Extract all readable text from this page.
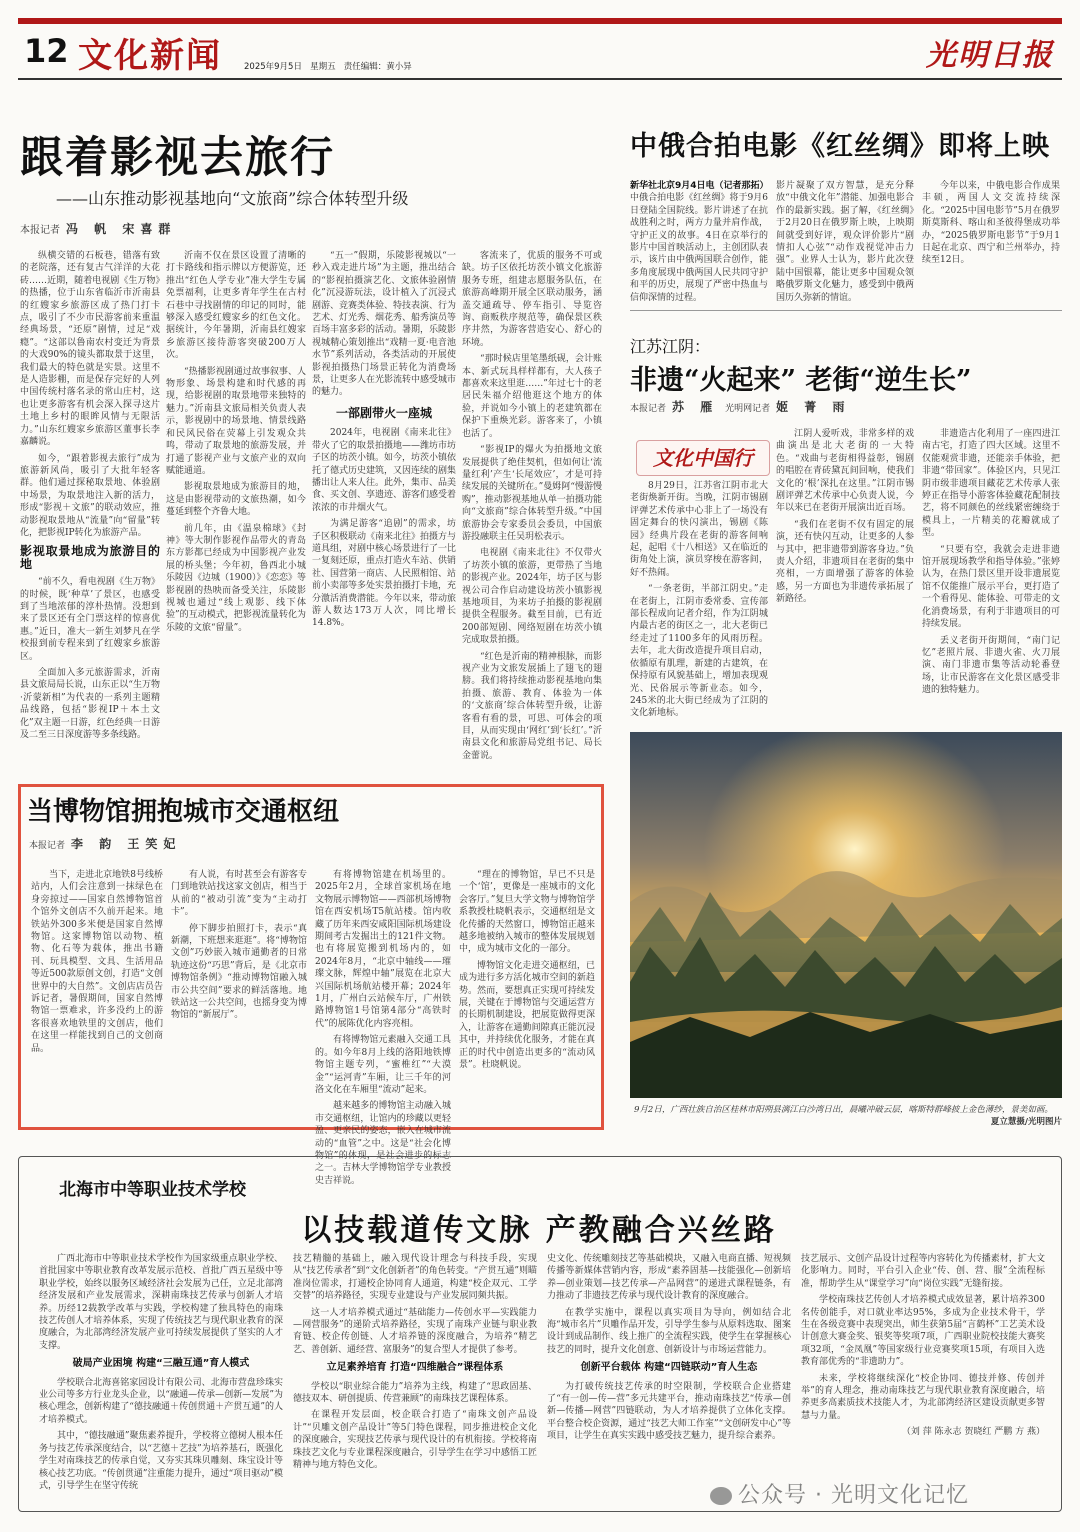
12 文化新闻	2025年9月5日 星期五 责任编辑：黄小异	光明日报
跟着影视去旅行
——山东推动影视基地向“文旅商”综合体转型升级
本报记者 冯 帆 宋喜群

纵横交错的石板巷，错落有致的老院落，还有复古气洋洋的大花砖……近期，随着电视剧《生万物》的热播，位于山东省临沂市沂南县的红嫂家乡旅游区成了热门打卡点，吸引了不少市民游客前来重温经典场景，“还原”剧情，过足“戏瘾”。“这部以鲁南农村变迁为背景的大戏90%的镜头都取景于这里，我们最大的特色就是实景。这里不是人造影棚，而是保存完好的人列中国传统村落名录的常山庄村，这也让更多游客有机会深入探寻这片土地上乡村的眼眸风情与无限活力。”山东红嫂家乡旅游区董事长李嘉麟说。

如今，“跟着影视去旅行”成为旅游新风尚，吸引了大批年轻客群。他们通过探秘取景地、体验剧中场景，为取景地注入新的活力，形成“影视＋文旅”的联动效应，推动影视取景地从“流量”向“留量”转化，把影视IP转化为旅游产品。

影视取景地成为旅游目的地

“前不久，看电视剧《生万物》的时候，既‘种草’了景区，也感受到了当地浓郁的淳朴热情。没想到来了景区还有全门票这样的惊喜优惠。”近日，准大一新生刘梦凡在学校报到前专程来到了红嫂家乡旅游区。

全面加入多元旅游需求，沂南县文旅局局长说，山东正以“生万物·沂蒙新相”为代表的一系列主题精品线路，包括“影视IP＋本土文化”双主题一日游，红色经典一日游及二至三日深度游等多条线路。

沂南不仅在景区设置了清晰的打卡路线和指示牌以方便游览，还推出“红色人学专业”准大学生专属免票福利，让更多青年学生在古村石巷中寻找剧情的印记的同时，能够深入感受红嫂家乡的红色文化。据统计，今年暑期，沂南县红嫂家乡旅游区接待游客突破200万人次。

“热播影视剧通过故事叙事、人物形象、场景构建和时代感的再现，给影视剧的取景地带来独特的魅力。”沂南县文旅局相关负责人表示，影视剧中的场景地、情景线路和民风民俗在荧幕上引发观众共鸣，带动了取景地的旅游发展，并打通了影视产业与文旅产业的双向赋能通道。

影视取景地成为旅游目的地，这是由影视带动的文旅热潮，如今蔓延到整个齐鲁大地。

前几年，由《温泉棉球》《封神》等大制作影视作品带火的青岛东方影都已经成为中国影视产业发展的桥头堡；今年初，鲁西北小城乐陵因《边城（1900）》《恋恋》等影视剧的热映而备受关注，乐陵影视城也通过“线上观影、线下体验”的互动模式，把影视流量转化为乐陵的文旅“留量”。

“五一”假期，乐陵影视城以“一秒入戏走进片场”为主题，推出结合的“影视拍摄演艺化、文旅体验剧情化”沉浸游玩法，设计植入了沉浸式剧游、竞赛类体验、特技表演、行为艺术、灯光秀、烟花秀、船秀演员等百场丰富多彩的活动。暑期，乐陵影视城精心策划推出“戏精一夏·电音池水节”系列活动，各类活动的开展使影视拍摄热门场景正转化为消费场景，让更多人在光影流转中感受城市的魅力。

一部剧带火一座城

2024年，电视剧《南来北往》带火了它的取景拍摄地——潍坊市坊子区的坊茨小镇。如今，坊茨小镇依托了德式历史建筑，又因连续的剧集播出让人来人往。此外，集市、品美食、买文创、享遗迹、游客们感受着浓浓的市井烟火气。

为满足游客“追剧”的需求，坊子区积极联动《南来北往》拍摄方与道具组，对剧中核心场景进行了一比一复刻还原，重点打造火车站、供销社、国营第一商店、人民照相馆、站前小卖部等多处实景拍摄打卡地，充分激活消费潜能。今年以来，带动旅游人数达173万人次，同比增长14.8%。

客流来了，优质的服务不可或缺。坊子区依托坊茨小镇文化旅游服务专班，组建志愿服务队伍，在旅游高峰期开展全区联动服务，涵盖交通疏导、停车指引、导览咨询、商贩秩序规范等，确保景区秩序井然，为游客营造安心、舒心的环境。

“那时候店里笔墨纸砚，会计账本、新式玩具样样都有，大人孩子都喜欢来这里逛……”年过七十的老居民朱福介绍他逛这个地方的体验，并说如今小镇上的老建筑都在保护下重焕光彩。游客来了，小镇也活了。

“影视IP的爆火为拍摄地文旅发展提供了绝佳契机，但如何让‘流量红利’产生‘长尾效应’，才是可持续发展的关键所在。”曼姆阿“慢游慢购”，推动影视基地从单一拍摄功能向“文旅商”综合体转型升级。”中国旅游协会专家委员会委员，中国旅游投融联主任吴玥松表示。

电视剧《南来北往》不仅带火了坊茨小镇的旅游，更带热了当地的影视产业。2024年，坊子区与影视公司合作启动建设坊茨小镇影视基地项目，为来坊子拍摄的影视剧提供全程服务。截至目前，已有近200部短剧、网络短剧在坊茨小镇完成取景拍摄。

“红色是沂南的精神根脉，而影视产业为文旅发展插上了翅飞的翅膀。我们将持续推动影视基地向集拍摄、旅游、教育、体验为一体的‘文旅商’综合体转型升级，让游客看有看的景，可思、可体会的项目，从而实现由‘网红’到‘长红’。”沂南县文化和旅游局党组书记、局长金蕾说。

中俄合拍电影《红丝绸》即将上映
新华社北京9月4日电（记者那拓）中俄合拍电影《红丝绸》将于9月6日登陆全国院线。影片讲述了在抗战胜利之时，两方力量并肩作战，守护正义的故事。4日在京举行的影片中国首映活动上，主创团队表示，该片由中俄两国联合创作，能多角度展现中俄两国人民共同守护和平的历史，展现了严密中热血与信仰深情的过程。

影片凝聚了双方智慧，是充分释放“中俄文化年”潜能、加强电影合作的最新实践。据了解，《红丝绸》于2月20日在俄罗斯上映，上映期间就受到好评，观众评价影片“剧情扣人心弦”“动作戏视觉冲击力强”。业界人士认为，影片此次登陆中国银幕，能让更多中国观众领略俄罗斯文化魅力，感受到中俄两国历久弥新的情谊。

今年以来，中俄电影合作成果丰硕，两国人文交流持续深化。“2025中国电影节”5月在俄罗斯莫斯科、喀山和圣彼得堡成功举办，“2025俄罗斯电影节”于9月1日起在北京、西宁和兰州举办，持续至12日。

江苏江阴：
非遗“火起来” 老街“逆生长”
本报记者 苏 雁 光明网记者 姬 菁 雨
文化中国行

8月29日，江苏省江阴市北大老街焕新开街。当晚，江阴市锡剧评弹艺术传承中心非上了一场没有固定舞台的快闪演出，锡剧《陈园》经典片段在老街的游客间响起，起唱《十八相送》又在临近的街角处上演，演员穿梭在游客间，好不热闹。

“一条老街，半部江阴史。”走在老街上，江阴市委常委、宣传部部长程成向记者介绍，作为江阴城内最古老的街区之一，北大老街已经走过了1100多年的风雨历程。去年，北大街改造提升项目启动，依循原有肌理，新建的古建筑，在保持原有风貌基础上，增加表现观光、民俗展示等新业态。如今，245米的北大街已经成为了江阴的文化新地标。

江阴人爱听戏，非常多样的戏曲演出是北大老街的一大特色。“戏曲与老街相得益彰，锡剧的唱腔在青砖黛瓦间回响，使我们文化的‘根’深扎在这里。”江阴市锡剧评弹艺术传承中心负责人说，今年以来已在老街开展演出近百场。

“我们在老街不仅有固定的展演，还有快闪互动，让更多的人参与其中，把非遗带到游客身边。”负责人介绍，非遗项目在老街的集中亮相，一方面增强了游客的体验感，另一方面也为非遗传承拓展了新路径。

非遗造古化利用了一座四进江南古宅，打造了四大区域。这里不仅能观赏非遗，还能亲手体验，把非遗“带回家”。体验区内，只见江阴市级非遗项目藏花艺术传承人张婷正在指导小游客体验藏花配制技艺，将不同颜色的丝线紧密缠绕于模具上，一片精美的花瓣就成了型。

“只要有空，我就会走进非遗馆开展现场教学和指导体验。”张婷认为，在热门景区里开设非遗展览馆不仅能推广展示平台，更打造了一个看得见、能体验、可带走的文化消费场景，有利于非遗项目的可持续发展。

丢义老街开街期间，“南门记忆”老照片展、非遗火雀、火刀展演、南门非遗市集等活动轮番登场，让市民游客在文化景区感受非遗的独特魅力。

9月2日，广西壮族自治区桂林市阳朔县漓江白沙湾日出，晨曦冲破云层，喀斯特群峰披上金色薄纱，景美如画。
夏立慧摄/光明图片
当博物馆拥抱城市交通枢纽
本报记者 李 韵 王笑妃

当下，走进北京地铁8号线桥站内，人们会注意到一抹绿色在身旁掠过——国家自然博物馆首个馆外文创店不久前开起来。地铁站外300多米便是国家自然博物馆。这家博物馆以动物、植物、化石等为载体，推出书籍刊、玩具模型、文具、生活用品等近500款原创文创，打造“文创世界中的大自然”。文创店店员告诉记者，暑假期间，国家自然博物馆一票难求，许多没约上的游客很喜欢地铁里的文创店，他们在这里一样能找到自己的文创商品。

有人说，有时甚至会有游客专门到地铁站找这家文创店，相当于从前的“被动引流”变为“主动打卡”。

停下脚步拍照打卡，表示“真新潮，下班想来逛逛”。将“博物馆文创”巧妙嵌入城市通勤者的日常轨迹这份“巧思”背后，是《北京市博物馆条例》“推动博物馆融入城市公共空间”要求的鲜活落地。地铁站这一公共空间，也摇身变为博物馆的“新展厅”。

有将博物馆建在机场里的。2025年2月，全球首家机场在地文物展示博物馆——西部机场博物馆在西安机场T5航站楼。馆内收藏了历年来西安咸阳国际机场建设期间考古发掘出土的121件文物。也有将展览搬到机场内的，如2024年8月，“北京中轴线——璀璨文脉，辉煌中轴”展览在北京大兴国际机场航站楼开幕；2024年1月，广州白云站候车厅，广州铁路博物馆1号馆第4部分“高铁时代”的展陈优化内容亮相。

有将博物馆元素融入交通工具的。如今年8月上线的洛阳地铁博物馆主题专列，“蜜椎红”“大漠金”“运河青”车厢，让三千年的河洛文化在车厢里“流动”起来。

越来越多的博物馆主动融入城市交通枢纽，让馆内的珍藏以更轻盈、更亲民的姿态，嵌入在城市流动的“血管”之中。这是“社会化博物馆”的体现，是社会进步的标志之一。吉林大学博物馆学专业教授史吉祥说。

“理在的博物馆，早已不只是一个‘馆’，更像是一座城市的文化会客厅。”复旦大学文物与博物馆学系教授杜晓帆表示，交通枢纽是文化传播的天然窗口，博物馆正越来越多地被纳入城市的整体发展规划中，成为城市文化的一部分。

博物馆文化走进交通枢纽，已成为进行多方活化城市空间的新趋势。然而，要想真正实现可持续发展，关键在于博物馆与交通运营方的长期机制建设，把展览做得更深入，让游客在通勤间隙真正能沉浸其中，并持续优化服务，才能在真正的时代中创造出更多的“流动风景”。杜晓帆说。

北海市中等职业技术学校
以技载道传文脉 产教融合兴丝路

广西北海市中等职业技术学校作为国家级重点职业学校、首批国家中等职业教育改革发展示范校、首批广西五星级中等职业学校，始终以服务区域经济社会发展为己任，立足北部湾经济发展和产业发展需求，深耕南珠技艺传承与创新人才培养。历经12载教学改革与实践，学校构建了独具特色的南珠技艺传创人才培养体系，实现了传统技艺与现代职业教育的深度融合，为北部湾经济发展产业可持续发展提供了坚实的人才支撑。

破局产业困境 构建“三融互通”育人模式

学校联合北海喜铭家园设计有限公司、北海市营盘珍珠实业公司等多方行业龙头企业，以“融通—传承—创新—发展”为核心理念，创新构建了“德技融通＋传创贯通＋产贯互通”的人才培养模式。

其中，“德技融通”聚焦素养提升，学校将立德树人根本任务与技艺传承深度结合，以“艺德＋艺技”为培养基石，既强化学生对南珠技艺的传承自觉，又夯实其珠贝雕刻、珠宝设计等核心技艺功底。“传创贯通”注重能力提升，通过“项目驱动”模式，引导学生在坚守传统

技艺精髓的基础上，融入现代设计理念与科技手段，实现从“技艺传承者”到“文化创新者”的角色转变。“产贯互通”则瞄准岗位需求，打通校企协同育人通道，构建“校企双元、工学交替”的培养路径，实现专业建设与产业发展同频共振。

这一人才培养模式通过“基础能力—传创水平—实践能力—网营服务”的递阶式培养路径，实现了南珠产业链与职业教育链、校企传创链、人才培养链的深度融合，为培养“精艺艺、善创新、通经营、富服务”的复合型人才提供了参考。

立足素养培育 打造“四维融合”课程体系

学校以“职业综合能力”培养为主线，构建了“思政固基、德技双本、研创提质、传营兼顾”的南珠技艺课程体系。

在课程开发层面，校企联合打造了“南珠文创产品设计”“贝雕文创产品设计”等5门特色课程，同步推进校企文化的深度融合，实现技艺传承与现代设计的有机衔接。学校将南珠技艺文化与专业课程深度融合，引导学生在学习中感悟工匠精神与地方特色文化。

史文化、传统雕刻技艺等基础模块，又融入电商直播、短视频传播等新媒体营销内容，形成“素养固基—技能强化—创新培养—创业策划—技艺传承—产品网营”的递进式课程链条，有力推动了非遗技艺传承与现代设计教育的深度融合。

在教学实施中，课程以真实项目为导向，例如结合北海“城市名片”贝雕作品开发，引导学生参与从原料选取、图案设计到成品制作、线上推广的全流程实践，使学生在掌握核心技艺的同时，提升文化创意、创新设计与市场运营能力。

创新平台载体 构建“四链联动”育人生态

为打破传统技艺传承的时空限制，学校联合企业搭建了“有一创—传—营”多元共建平台，推动南珠技艺“传承—创新—传播—网营”四链联动，为人才培养提供了立体化支撑。平台整合校企资源，通过“技艺大师工作室”“文创研发中心”等项目，让学生在真实实践中感受技艺魅力，提升综合素养。

技艺展示、文创产品设计过程等内容转化为传播素材，扩大文化影响力。同时，平台引入企业“传、创、营、服”全流程标准，帮助学生从“课堂学习”向“岗位实践”无缝衔接。

学校南珠技艺传创人才培养模式成效显著，累计培养300名传创能手，对口就业率达95%，多成为企业技术骨干，学生在各级竞赛中表现突出，师生获第5届“言鹤杯”工艺美术设计创意大赛金奖、银奖等奖项7项，广西职业院校技能大赛奖项32项，“金凤凰”等国家级行业竞赛奖项15项，有项目入选教育部优秀的“非遗助力”。

未来，学校将继续深化“校企协同、德技并修、传创并举”的育人理念，推动南珠技艺与现代职业教育深度融合，培养更多高素质技术技能人才，为北部湾经济区建设贡献更多智慧与力量。

（刘 萍 陈永志 贺晓红 严鹏 方 燕）
公众号 · 光明文化记忆
